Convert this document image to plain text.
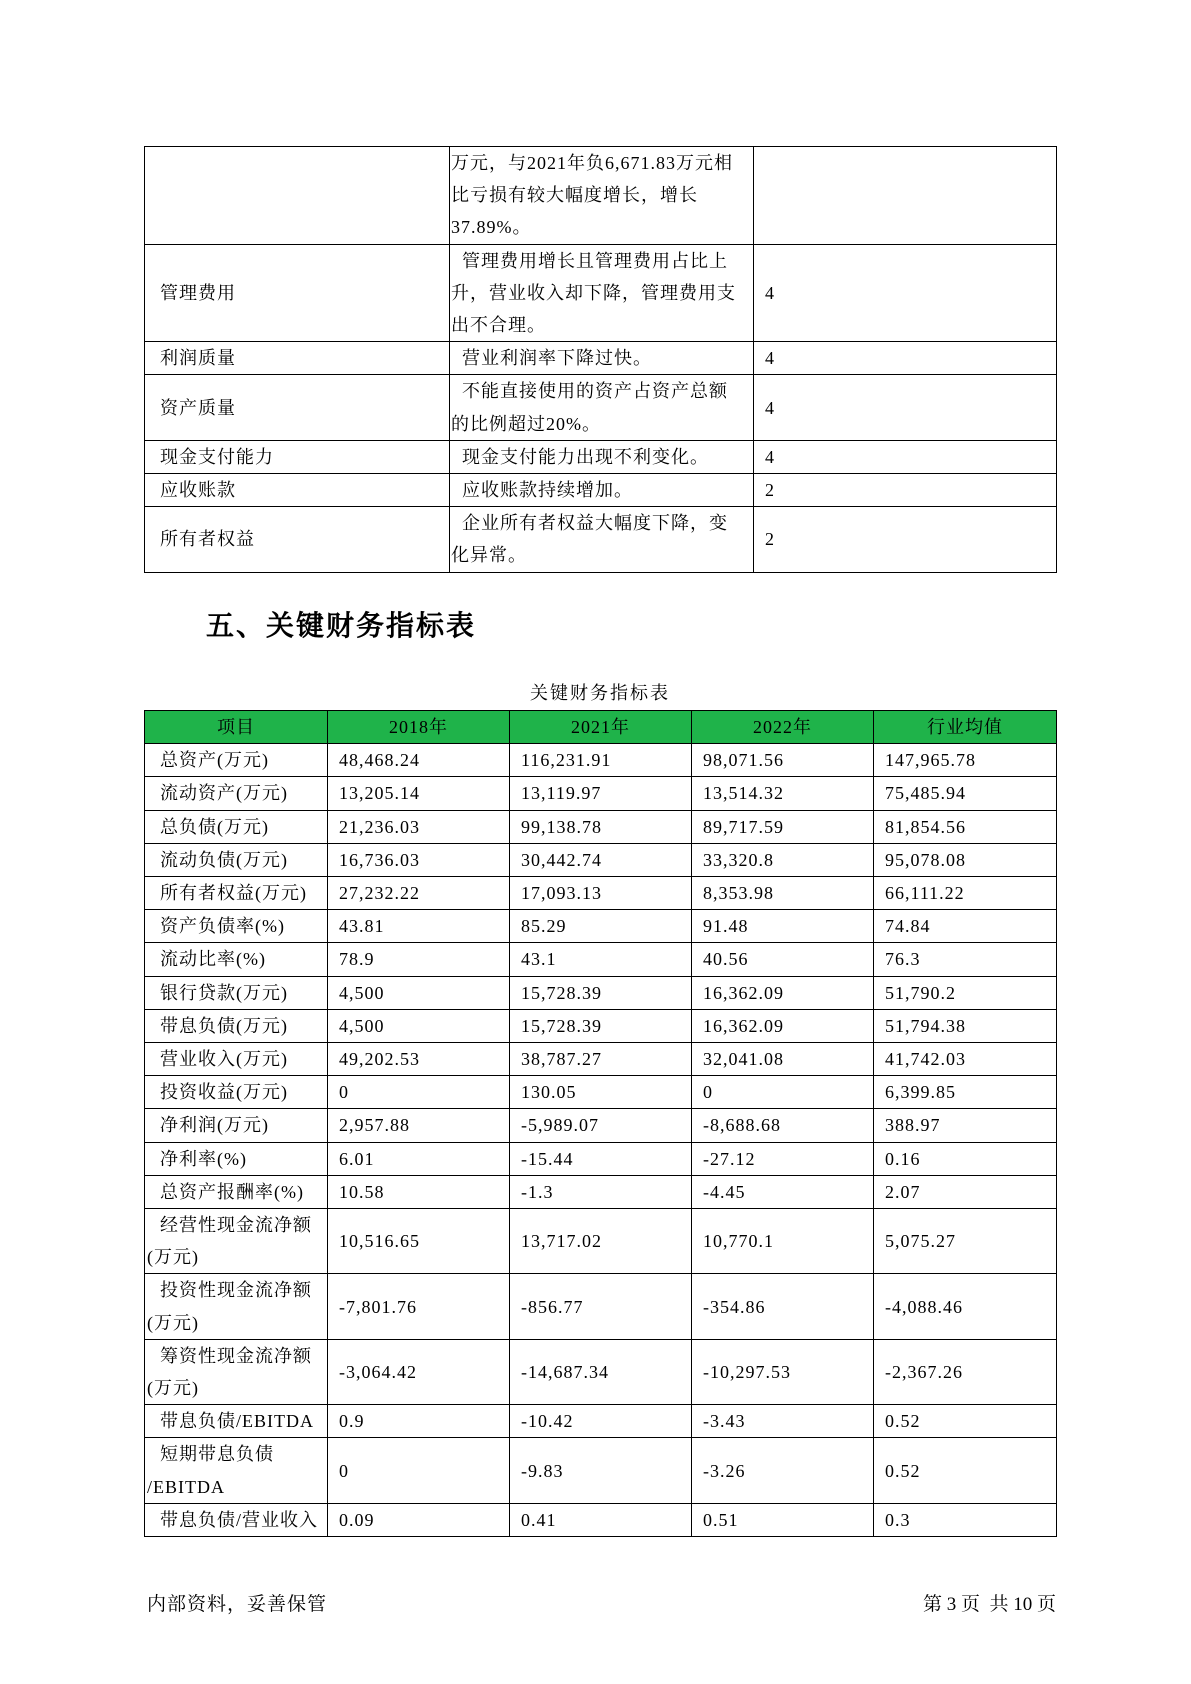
	万元，与2021年负6,671.83万元相
比亏损有较大幅度增长，增长
37.89%。	
管理费用	管理费用增长且管理费用占比上
升，营业收入却下降，管理费用支
出不合理。	4
利润质量	营业利润率下降过快。	4
资产质量	不能直接使用的资产占资产总额
的比例超过20%。	4
现金支付能力	现金支付能力出现不利变化。	4
应收账款	应收账款持续增加。	2
所有者权益	企业所有者权益大幅度下降，变
化异常。	2
五、关键财务指标表
关键财务指标表
项目	2018年	2021年	2022年	行业均值
总资产(万元)	48,468.24	116,231.91	98,071.56	147,965.78
流动资产(万元)	13,205.14	13,119.97	13,514.32	75,485.94
总负债(万元)	21,236.03	99,138.78	89,717.59	81,854.56
流动负债(万元)	16,736.03	30,442.74	33,320.8	95,078.08
所有者权益(万元)	27,232.22	17,093.13	8,353.98	66,111.22
资产负债率(%)	43.81	85.29	91.48	74.84
流动比率(%)	78.9	43.1	40.56	76.3
银行贷款(万元)	4,500	15,728.39	16,362.09	51,790.2
带息负债(万元)	4,500	15,728.39	16,362.09	51,794.38
营业收入(万元)	49,202.53	38,787.27	32,041.08	41,742.03
投资收益(万元)	0	130.05	0	6,399.85
净利润(万元)	2,957.88	-5,989.07	-8,688.68	388.97
净利率(%)	6.01	-15.44	-27.12	0.16
总资产报酬率(%)	10.58	-1.3	-4.45	2.07
经营性现金流净额
(万元)	10,516.65	13,717.02	10,770.1	5,075.27
投资性现金流净额
(万元)	-7,801.76	-856.77	-354.86	-4,088.46
筹资性现金流净额
(万元)	-3,064.42	-14,687.34	-10,297.53	-2,367.26
带息负债/EBITDA	0.9	-10.42	-3.43	0.52
短期带息负债
/EBITDA	0	-9.83	-3.26	0.52
带息负债/营业收入	0.09	0.41	0.51	0.3
内部资料，妥善保管	第 3 页  共 10 页
